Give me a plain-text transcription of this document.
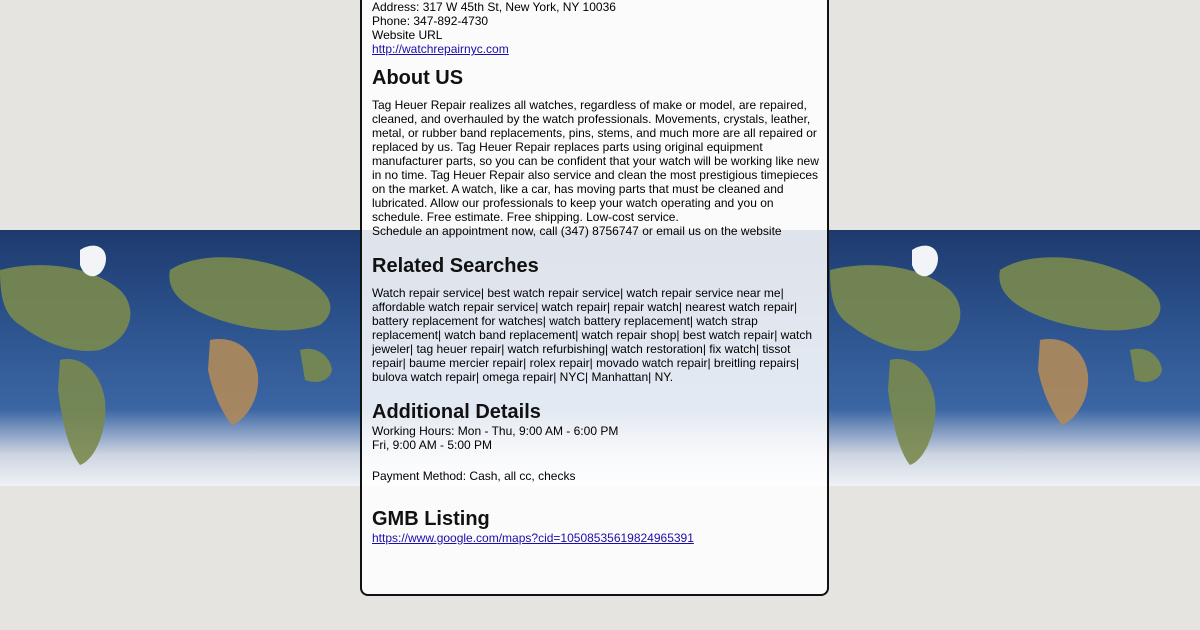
Address: 317 W 45th St, New York, NY 10036
Phone: 347-892-4730
Website URL
http://watchrepairnyc.com
About US

Tag Heuer Repair realizes all watches, regardless of make or model, are repaired, cleaned, and overhauled by the watch professionals. Movements, crystals, leather, metal, or rubber band replacements, pins, stems, and much more are all repaired or replaced by us. Tag Heuer Repair replaces parts using original equipment manufacturer parts, so you can be confident that your watch will be working like new in no time. Tag Heuer Repair also service and clean the most prestigious timepieces on the market. A watch, like a car, has moving parts that must be cleaned and lubricated. Allow our professionals to keep your watch operating and you on schedule. Free estimate. Free shipping. Low-cost service.

Schedule an appointment now, call (347) 8756747 or email us on the website

Related Searches
Watch repair service| best watch repair service| watch repair service near me| affordable watch repair service| watch repair| repair watch| nearest watch repair| battery replacement for watches| watch battery replacement| watch strap replacement| watch band replacement| watch repair shop| best watch repair| watch jeweler| tag heuer repair| watch refurbishing| watch restoration| fix watch| tissot repair| baume mercier repair| rolex repair| movado watch repair| breitling repairs| bulova watch repair| omega repair| NYC| Manhattan| NY.
Additional Details
Working Hours: Mon - Thu, 9:00 AM - 6:00 PM
Fri, 9:00 AM - 5:00 PM
Payment Method: Cash, all cc, checks
GMB Listing
https://www.google.com/maps?cid=10508535619824965391
